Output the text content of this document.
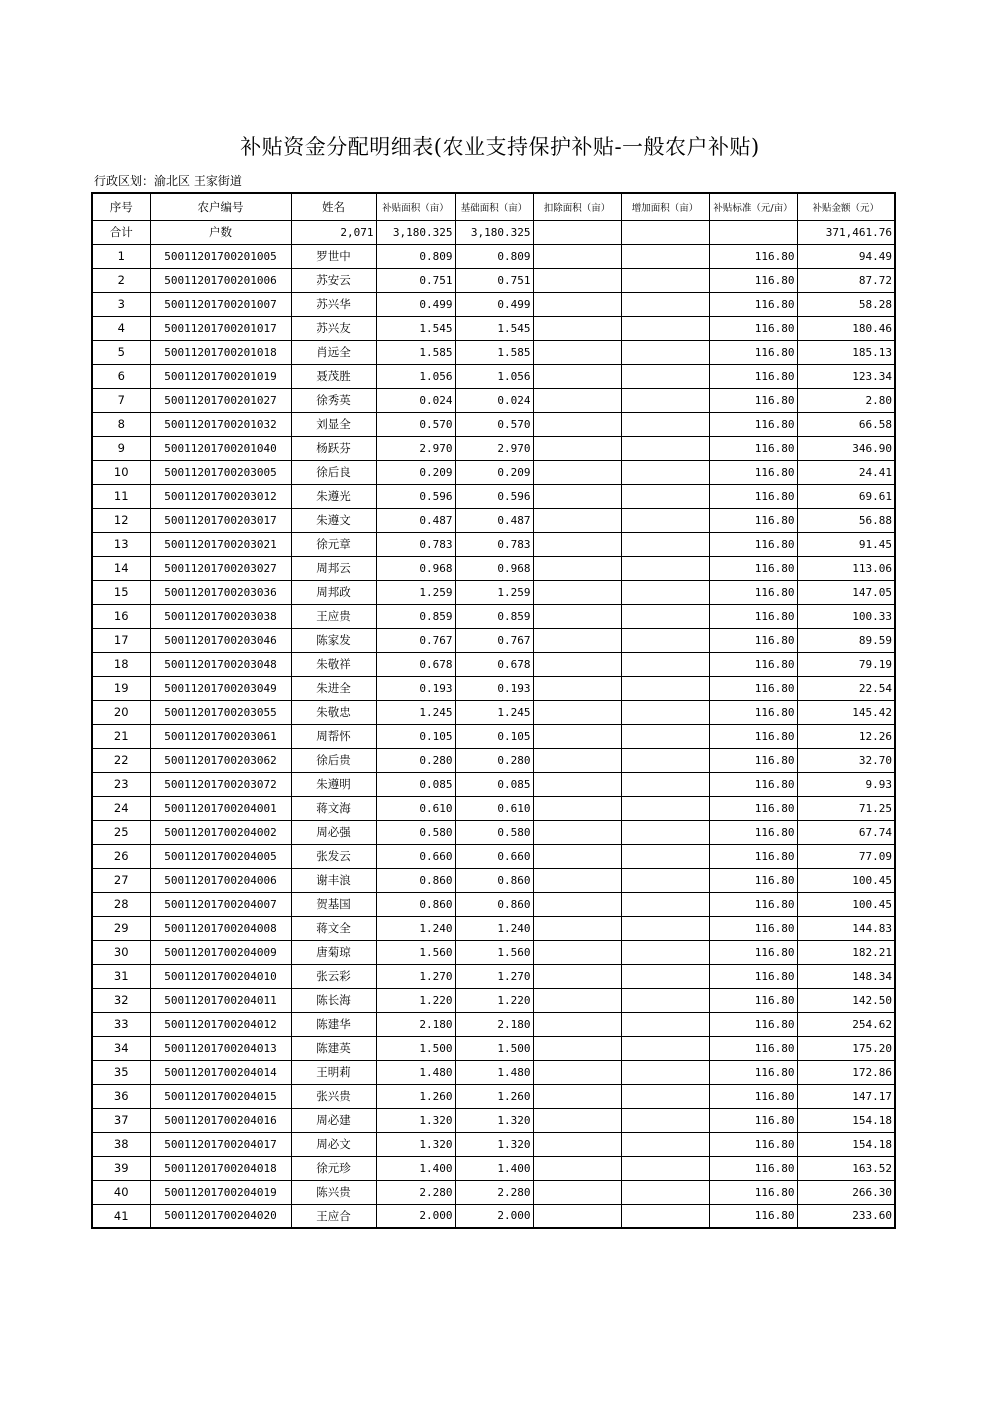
补贴资金分配明细表(农业支持保护补贴-一般农户补贴)
行政区划：渝北区 王家街道
序号	农户编号	姓名	补贴面积（亩）	基础面积（亩）	扣除面积（亩）	增加面积（亩）	补贴标准（元/亩）	补贴金额（元）
合计	户数	2,071	3,180.325	3,180.325				371,461.76
1	50011201700201005	罗世中	0.809	0.809			116.80	94.49
2	50011201700201006	苏安云	0.751	0.751			116.80	87.72
3	50011201700201007	苏兴华	0.499	0.499			116.80	58.28
4	50011201700201017	苏兴友	1.545	1.545			116.80	180.46
5	50011201700201018	肖远全	1.585	1.585			116.80	185.13
6	50011201700201019	聂茂胜	1.056	1.056			116.80	123.34
7	50011201700201027	徐秀英	0.024	0.024			116.80	2.80
8	50011201700201032	刘显全	0.570	0.570			116.80	66.58
9	50011201700201040	杨跃芬	2.970	2.970			116.80	346.90
10	50011201700203005	徐后良	0.209	0.209			116.80	24.41
11	50011201700203012	朱遵光	0.596	0.596			116.80	69.61
12	50011201700203017	朱遵文	0.487	0.487			116.80	56.88
13	50011201700203021	徐元章	0.783	0.783			116.80	91.45
14	50011201700203027	周邦云	0.968	0.968			116.80	113.06
15	50011201700203036	周邦政	1.259	1.259			116.80	147.05
16	50011201700203038	王应贵	0.859	0.859			116.80	100.33
17	50011201700203046	陈家发	0.767	0.767			116.80	89.59
18	50011201700203048	朱敬祥	0.678	0.678			116.80	79.19
19	50011201700203049	朱进全	0.193	0.193			116.80	22.54
20	50011201700203055	朱敬忠	1.245	1.245			116.80	145.42
21	50011201700203061	周帮怀	0.105	0.105			116.80	12.26
22	50011201700203062	徐后贵	0.280	0.280			116.80	32.70
23	50011201700203072	朱遵明	0.085	0.085			116.80	9.93
24	50011201700204001	蒋文海	0.610	0.610			116.80	71.25
25	50011201700204002	周必强	0.580	0.580			116.80	67.74
26	50011201700204005	张发云	0.660	0.660			116.80	77.09
27	50011201700204006	谢丰浪	0.860	0.860			116.80	100.45
28	50011201700204007	贺基国	0.860	0.860			116.80	100.45
29	50011201700204008	蒋文全	1.240	1.240			116.80	144.83
30	50011201700204009	唐菊琼	1.560	1.560			116.80	182.21
31	50011201700204010	张云彩	1.270	1.270			116.80	148.34
32	50011201700204011	陈长海	1.220	1.220			116.80	142.50
33	50011201700204012	陈建华	2.180	2.180			116.80	254.62
34	50011201700204013	陈建英	1.500	1.500			116.80	175.20
35	50011201700204014	王明莉	1.480	1.480			116.80	172.86
36	50011201700204015	张兴贵	1.260	1.260			116.80	147.17
37	50011201700204016	周必建	1.320	1.320			116.80	154.18
38	50011201700204017	周必文	1.320	1.320			116.80	154.18
39	50011201700204018	徐元珍	1.400	1.400			116.80	163.52
40	50011201700204019	陈兴贵	2.280	2.280			116.80	266.30
41	50011201700204020	王应合	2.000	2.000			116.80	233.60
